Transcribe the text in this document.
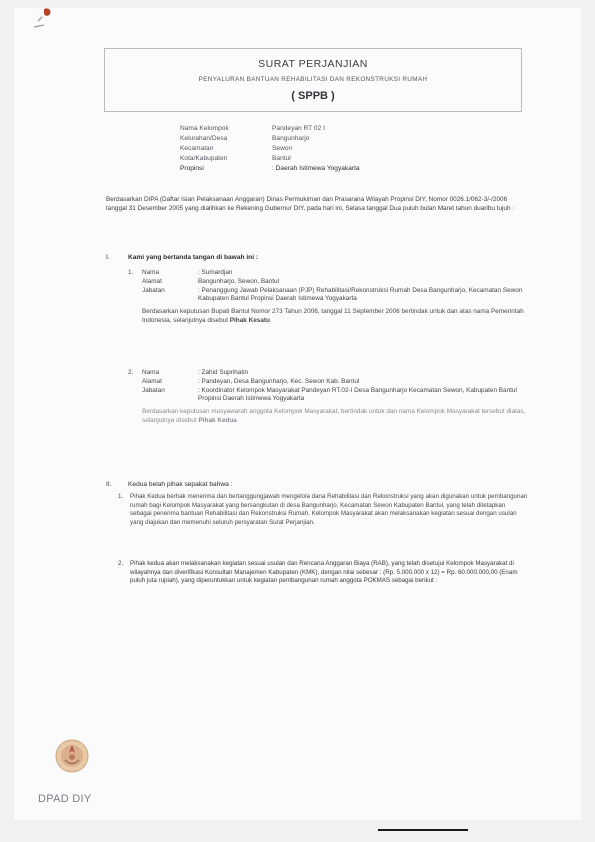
SURAT PERJANJIAN
PENYALURAN BANTUAN REHABILITASI DAN REKONSTRUKSI RUMAH
( SPPB )
Nama Kelompok	Pandeyan RT 02 I
Kelurahan/Desa	Bangunharjo
Kecamatan	Sewon
Kota/Kabupaten	Bantul
Propinsi	: Daerah Istimewa Yogyakarta
Berdasarkan DIPA (Daftar Isian Pelaksanaan Anggaran) Dinas Permukiman dan Prasarana Wilayah Propinsi DIY, Nomor 0026.1/062-3/-/2006 tanggal 31 Desember 2005 yang dialihkan ke Rekening Gubernur DIY, pada hari ini, Selasa tanggal Dua puluh bulan Maret tahun duaribu tujuh :
I.	Kami yang bertanda tangan di bawah ini :
1.	Nama	: Sumardjan
Alamat	Bangunharjo, Sewon, Bantul
Jabatan	: Penanggung Jawab Pelaksanaan (PJP) Rehabilitasi/Rekonstruksi Rumah Desa Bangunharjo, Kecamatan Sewon Kabupaten Bantul Propinsi Daerah Istimewa Yogyakarta
Berdasarkan keputusan Bupati Bantul Nomor 273 Tahun 2006, tanggal 11 September 2006 bertindak untuk dan atas nama Pemerintah Indonesia, selanjutnya disebut Pihak Kesatu
2.	Nama	: Zahid Suprihatin
Alamat	: Pandeyan, Desa Bangunharjo, Kec. Sewon Kab. Bantul
Jabatan	: Koordinator Kelompok Masyarakat Pandeyan RT.02-I Desa Bangunharjo Kecamatan Sewon, Kabupaten Bantul Propinsi Daerah Istimewa Yogyakarta
Berdasarkan keputusan musyawarah anggota Kelompok Masyarakat, bertindak untuk dan nama Kelompok Masyarakat tersebut diatas, selanjutnya disebut Pihak Kedua
II.	Kedua belah pihak sepakat bahwa :
1.	Pihak Kedua berhak menerima dan bertanggungjawab mengelola dana Rehabilitasi dan Rekonstruksi yang akan digunakan untuk pembangunan rumah bagi Kelompok Masyarakat yang bersangkutan di desa Bangunharjo, Kecamatan Sewon Kabupaten Bantul, yang telah ditetapkan sebagai penerima bantuan Rehabilitasi dan Rekonstruksi Rumah. Kelompok Masyarakat akan melaksanakan kegiatan sesuai dengan usulan yang diajukan dan memenuhi seluruh persyaratan Surat Perjanjian.
2.	Pihak kedua akan melaksanakan kegiatan sesuai usulan dan Rencana Anggaran Biaya (RAB), yang telah disetujui Kelompok Masyarakat di wilayahnya dan diverifikasi Konsultan Manajemen Kabupaten (KMK), dengan nilai sebesar : (Rp. 5.000.000 x 12) = Rp. 60.000.000,00 (Enam puluh juta rupiah), yang diperuntukkan untuk kegiatan pembangunan rumah anggota POKMAS sebagai berikut :
DPAD DIY
